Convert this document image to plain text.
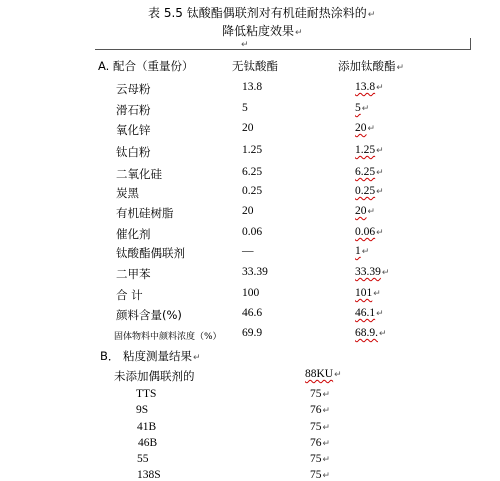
表 5.5 钛酸酯偶联剂对有机硅耐热涂料的↵
降低粘度效果↵
↵
A. 配合（重量份）	无钛酸酯	添加钛酸酯↵
云母粉	13.8	13.8↵
滑石粉	5	5↵
氧化锌	20	20↵
钛白粉	1.25	1.25↵
二氧化硅	6.25	6.25↵
炭黑	0.25	0.25↵
有机硅树脂	20	20↵
催化剂	0.06	0.06↵
钛酸酯偶联剂	—	1↵
二甲苯	33.39	33.39↵
合 计	100	101↵
颜料含量(%)	46.6	46.1↵
固体物料中颜料浓度（%） 69.9	68.9.↵
B． 粘度测量结果↵
未添加偶联剂的	88KU↵
TTS	75↵
9S	76↵
41B	75↵
46B	76↵
55	75↵
138S	75↵
